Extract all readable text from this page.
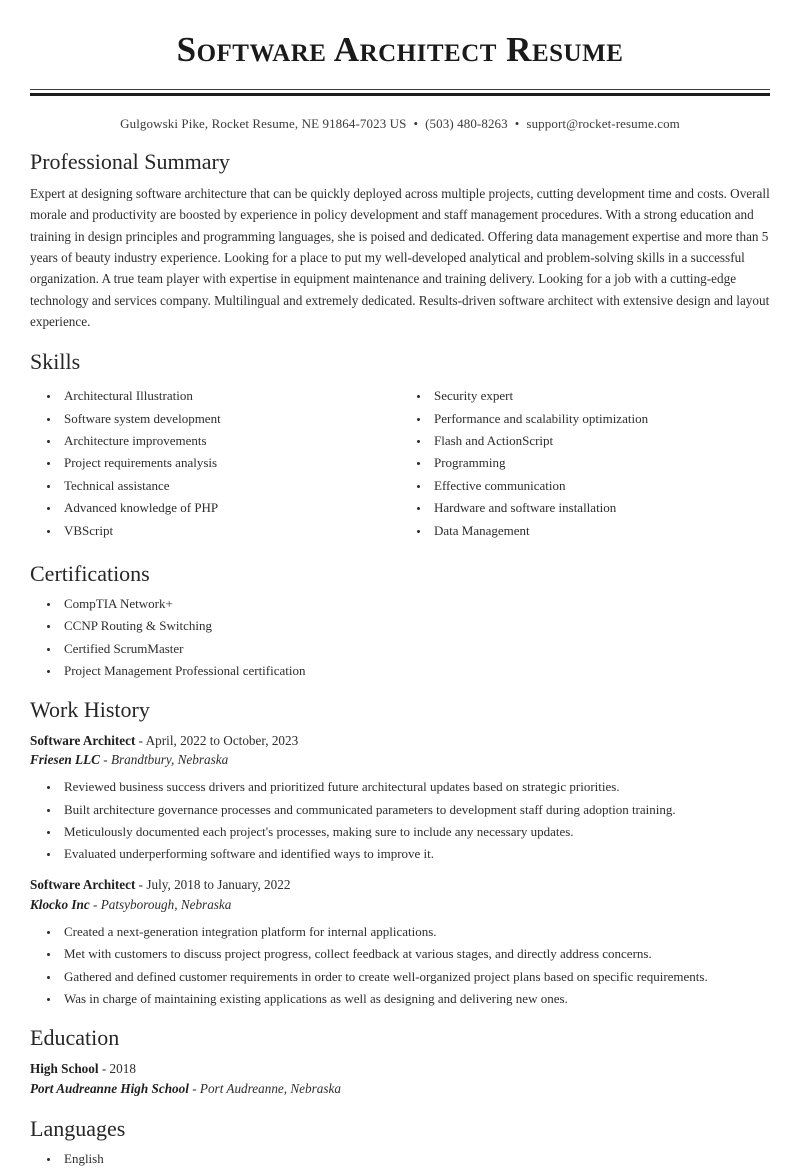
Software Architect Resume
Gulgowski Pike, Rocket Resume, NE 91864-7023 US • (503) 480-8263 • support@rocket-resume.com
Professional Summary

Expert at designing software architecture that can be quickly deployed across multiple projects, cutting development time and costs. Overall morale and productivity are boosted by experience in policy development and staff management procedures. With a strong education and training in design principles and programming languages, she is poised and dedicated. Offering data management expertise and more than 5 years of beauty industry experience. Looking for a place to put my well-developed analytical and problem-solving skills in a successful organization. A true team player with expertise in equipment maintenance and training delivery. Looking for a job with a cutting-edge technology and services company. Multilingual and extremely dedicated. Results-driven software architect with extensive design and layout experience.

Skills
• Architectural Illustration
• Software system development
• Architecture improvements
• Project requirements analysis
• Technical assistance
• Advanced knowledge of PHP
• VBScript
• Security expert
• Performance and scalability optimization
• Flash and ActionScript
• Programming
• Effective communication
• Hardware and software installation
• Data Management
Certifications
• CompTIA Network+
• CCNP Routing & Switching
• Certified ScrumMaster
• Project Management Professional certification
Work History
Software Architect - April, 2022 to October, 2023
Friesen LLC - Brandtbury, Nebraska
• Reviewed business success drivers and prioritized future architectural updates based on strategic priorities.
• Built architecture governance processes and communicated parameters to development staff during adoption training.
• Meticulously documented each project's processes, making sure to include any necessary updates.
• Evaluated underperforming software and identified ways to improve it.
Software Architect - July, 2018 to January, 2022
Klocko Inc - Patsyborough, Nebraska
• Created a next-generation integration platform for internal applications.
• Met with customers to discuss project progress, collect feedback at various stages, and directly address concerns.
• Gathered and defined customer requirements in order to create well-organized project plans based on specific requirements.
• Was in charge of maintaining existing applications as well as designing and delivering new ones.
Education
High School - 2018
Port Audreanne High School - Port Audreanne, Nebraska
Languages
• English
